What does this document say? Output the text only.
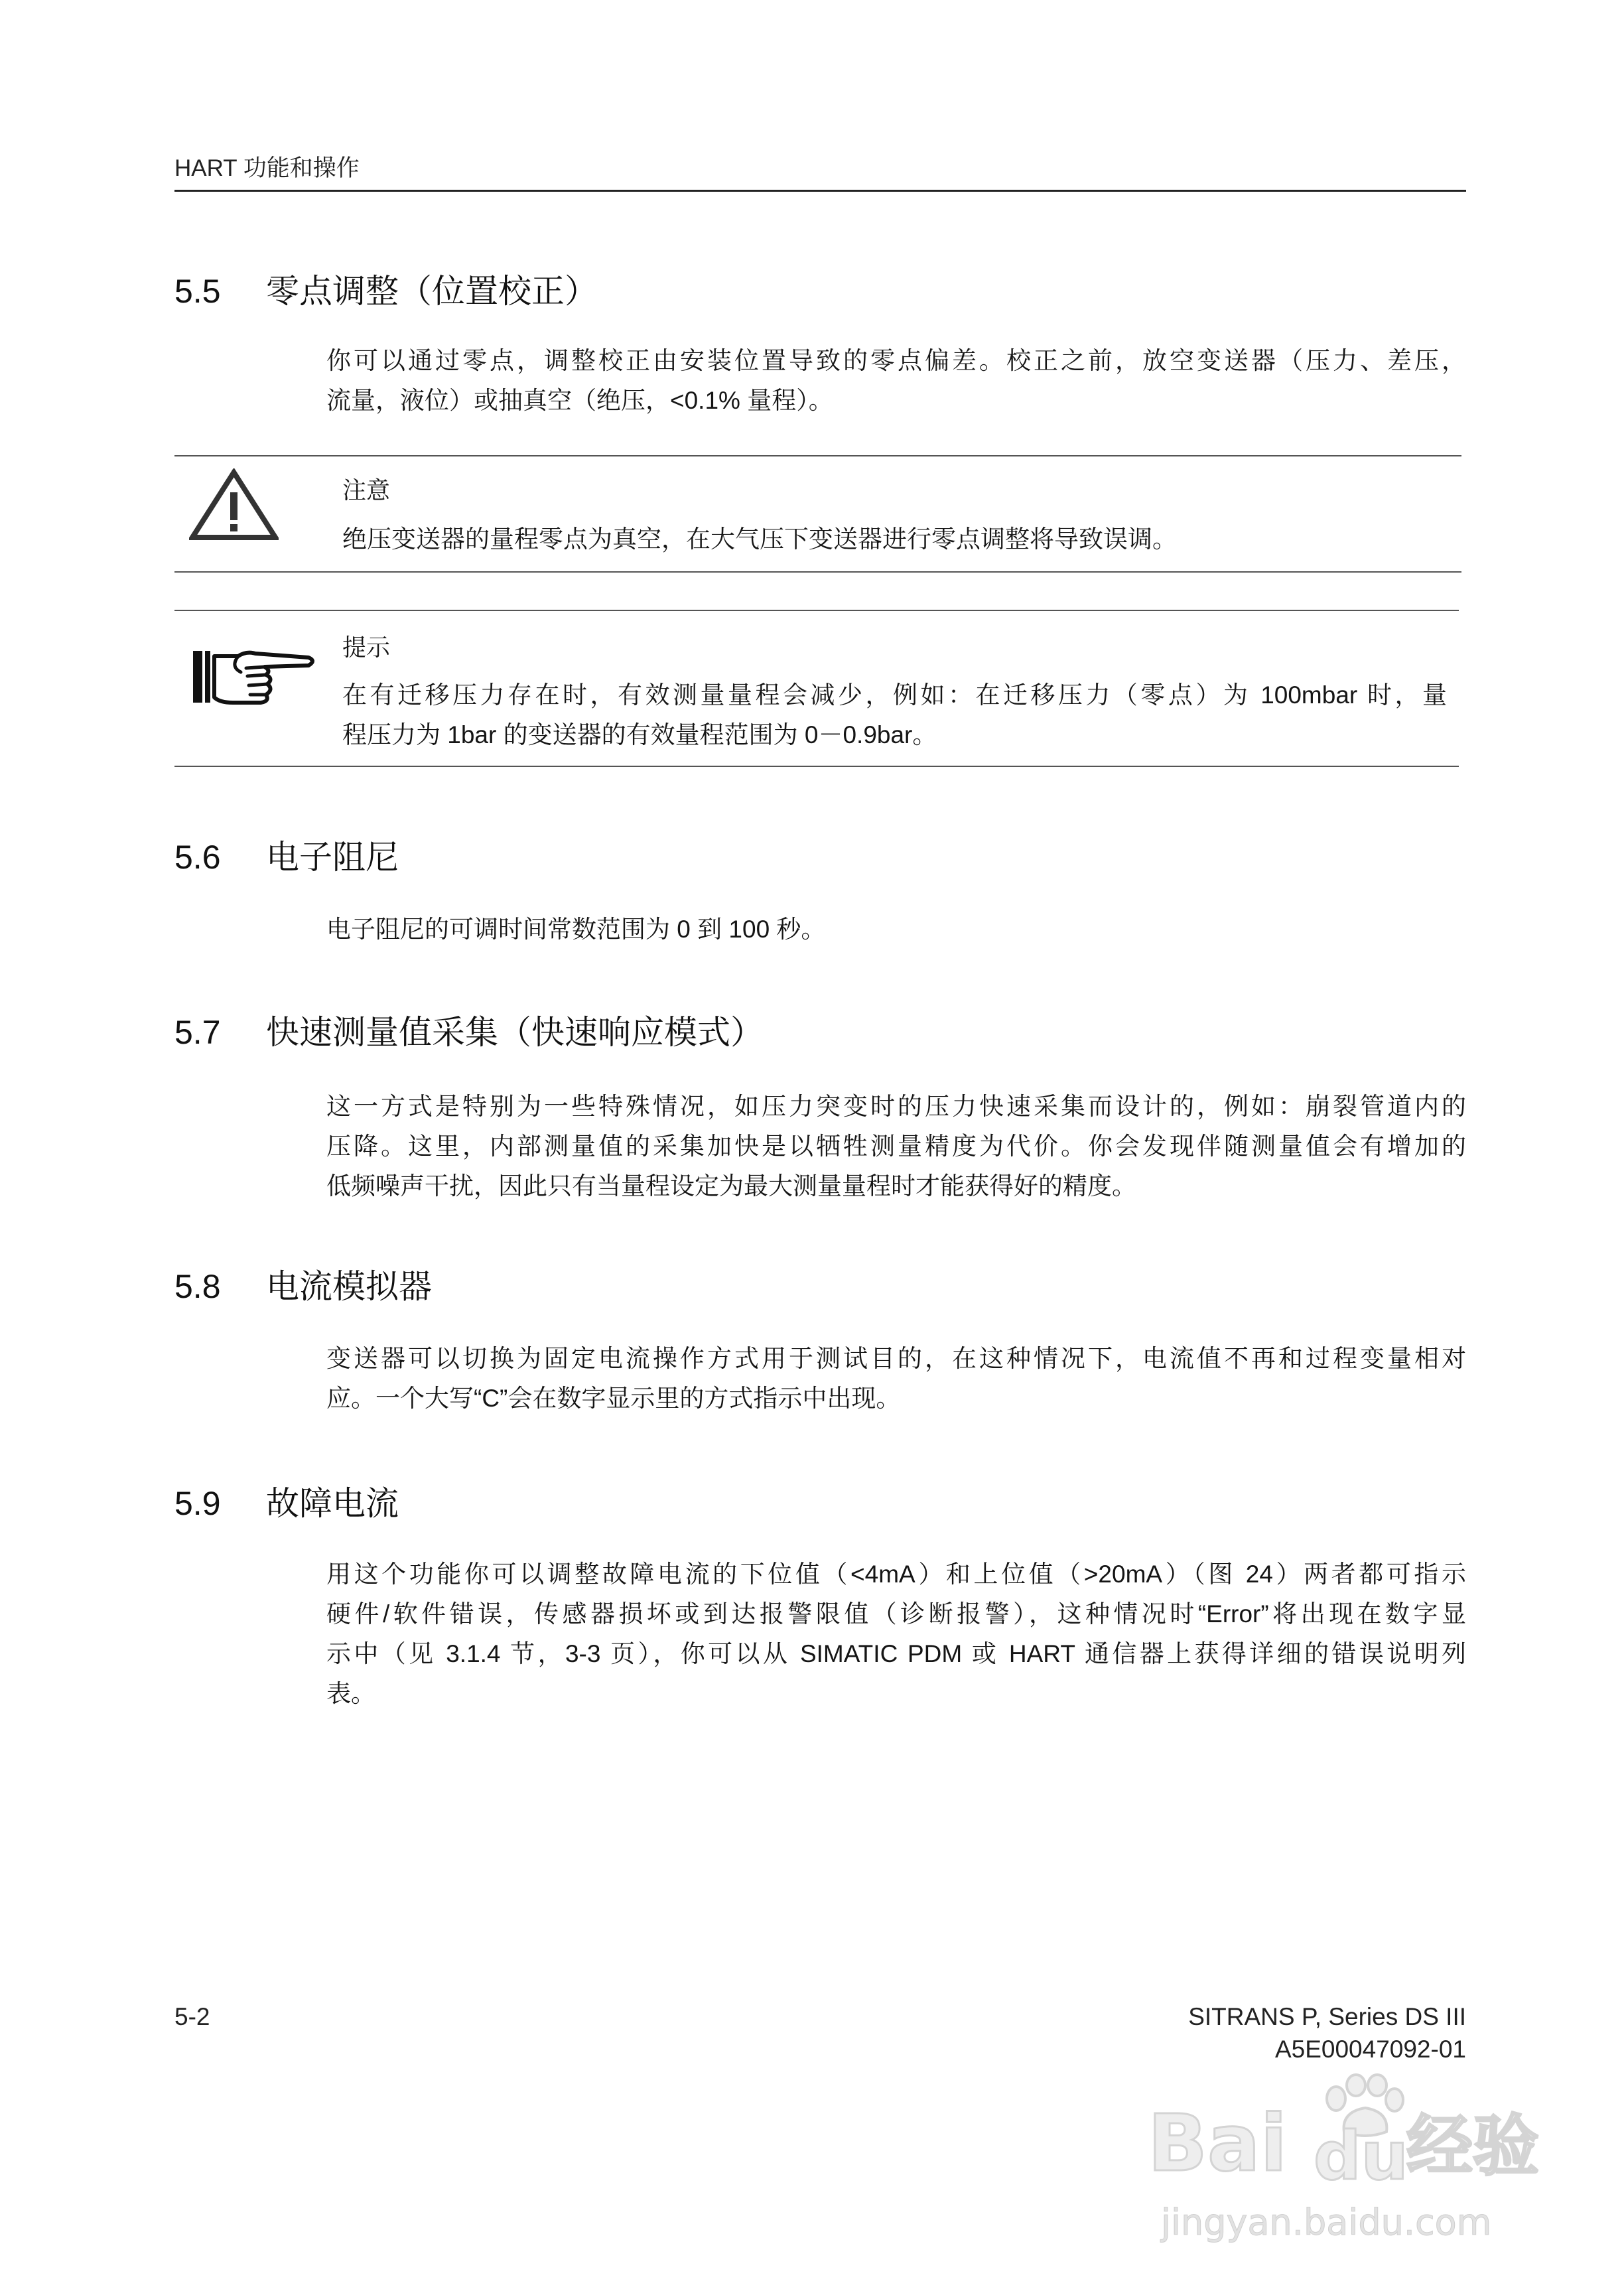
HART 功能和操作
5.5 零点调整（位置校正）
你可以通过零点，调整校正由安装位置导致的零点偏差。校正之前，放空变送器（压力、差压，
流量，液位）或抽真空（绝压，<0.1% 量程）。
注意
绝压变送器的量程零点为真空，在大气压下变送器进行零点调整将导致误调。
提示
在有迁移压力存在时，有效测量量程会减少，例如：在迁移压力（零点）为 100mbar 时，量
程压力为 1bar 的变送器的有效量程范围为 0－0.9bar。
5.6 电子阻尼
电子阻尼的可调时间常数范围为 0 到 100 秒。
5.7 快速测量值采集（快速响应模式）
这一方式是特别为一些特殊情况，如压力突变时的压力快速采集而设计的，例如：崩裂管道内的
压降。这里，内部测量值的采集加快是以牺牲测量精度为代价。你会发现伴随测量值会有增加的
低频噪声干扰，因此只有当量程设定为最大测量量程时才能获得好的精度。
5.8 电流模拟器
变送器可以切换为固定电流操作方式用于测试目的，在这种情况下，电流值不再和过程变量相对
应。一个大写“C”会在数字显示里的方式指示中出现。
5.9 故障电流
用这个功能你可以调整故障电流的下位值（<4mA）和上位值（>20mA）（图 24）两者都可指示
硬件/软件错误，传感器损坏或到达报警限值（诊断报警），这种情况时“Error”将出现在数字显
示中（见 3.1.4 节，3-3 页），你可以从 SIMATIC PDM 或 HART 通信器上获得详细的错误说明列
表。
5-2	SITRANS P, Series DS III
A5E00047092-01
Bai du
经验
jingyan.baidu.com
